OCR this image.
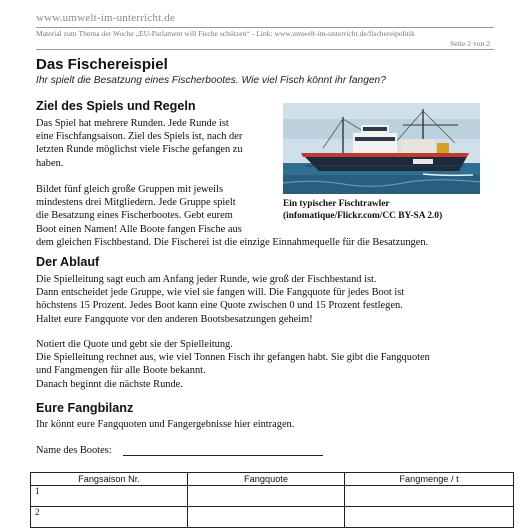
www.umwelt-im-unterricht.de
Material zum Thema der Woche „EU-Parlament will Fische schützen“ - Link: www.umwelt-im-unterricht.de/fischereipolitik
Seite 2 von 2
Das Fischereispiel
Ihr spielt die Besatzung eines Fischerbootes. Wie viel Fisch könnt ihr fangen?
Ziel des Spiels und Regeln

Das Spiel hat mehrere Runden. Jede Runde ist
eine Fischfangsaison. Ziel des Spiels ist, nach der
letzten Runde möglichst viele Fische gefangen zu
haben.

Bildet fünf gleich große Gruppen mit jeweils
mindestens drei Mitgliedern. Jede Gruppe spielt
die Besatzung eines Fischerbootes. Gebt eurem
Boot einen Namen! Alle Boote fangen Fische aus
dem gleichen Fischbestand. Die Fischerei ist die einzige Einnahmequelle für die Besatzungen.

Ein typischer Fischtrawler
(infomatique/Flickr.com/CC BY-SA 2.0)
Der Ablauf

Die Spielleitung sagt euch am Anfang jeder Runde, wie groß der Fischbestand ist.
Dann entscheidet jede Gruppe, wie viel sie fangen will. Die Fangquote für jedes Boot ist
höchstens 15 Prozent. Jedes Boot kann eine Quote zwischen 0 und 15 Prozent festlegen.
Haltet eure Fangquote vor den anderen Bootsbesatzungen geheim!

Notiert die Quote und gebt sie der Spielleitung.
Die Spielleitung rechnet aus, wie viel Tonnen Fisch ihr gefangen habt. Sie gibt die Fangquoten
und Fangmengen für alle Boote bekannt.
Danach beginnt die nächste Runde.

Eure Fangbilanz

Ihr könnt eure Fangquoten und Fangergebnisse hier eintragen.

Name des Bootes:
Fangsaison Nr.	Fangquote	Fangmenge / t
1		
2		
